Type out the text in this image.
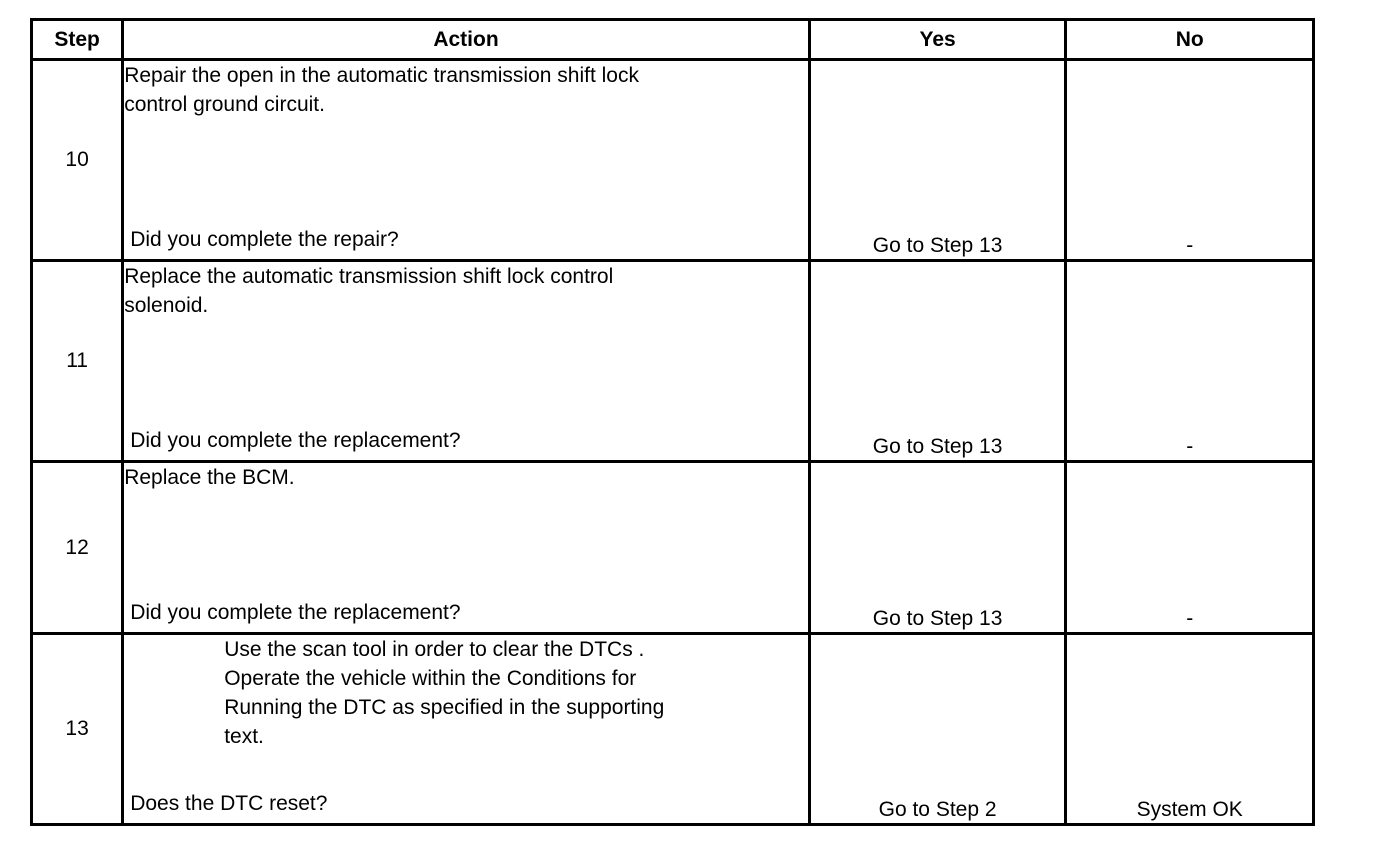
Step	Action	Yes	No
10	Repair the open in the automatic transmission shift lock
control ground circuit.
Did you complete the repair?	Go to Step 13	-
11	Replace the automatic transmission shift lock control
solenoid.
Did you complete the replacement?	Go to Step 13	-
12	Replace the BCM.
Did you complete the replacement?	Go to Step 13	-
13	Use the scan tool in order to clear the DTCs .
Operate the vehicle within the Conditions for
Running the DTC as specified in the supporting
text.
Does the DTC reset?	Go to Step 2	System OK
